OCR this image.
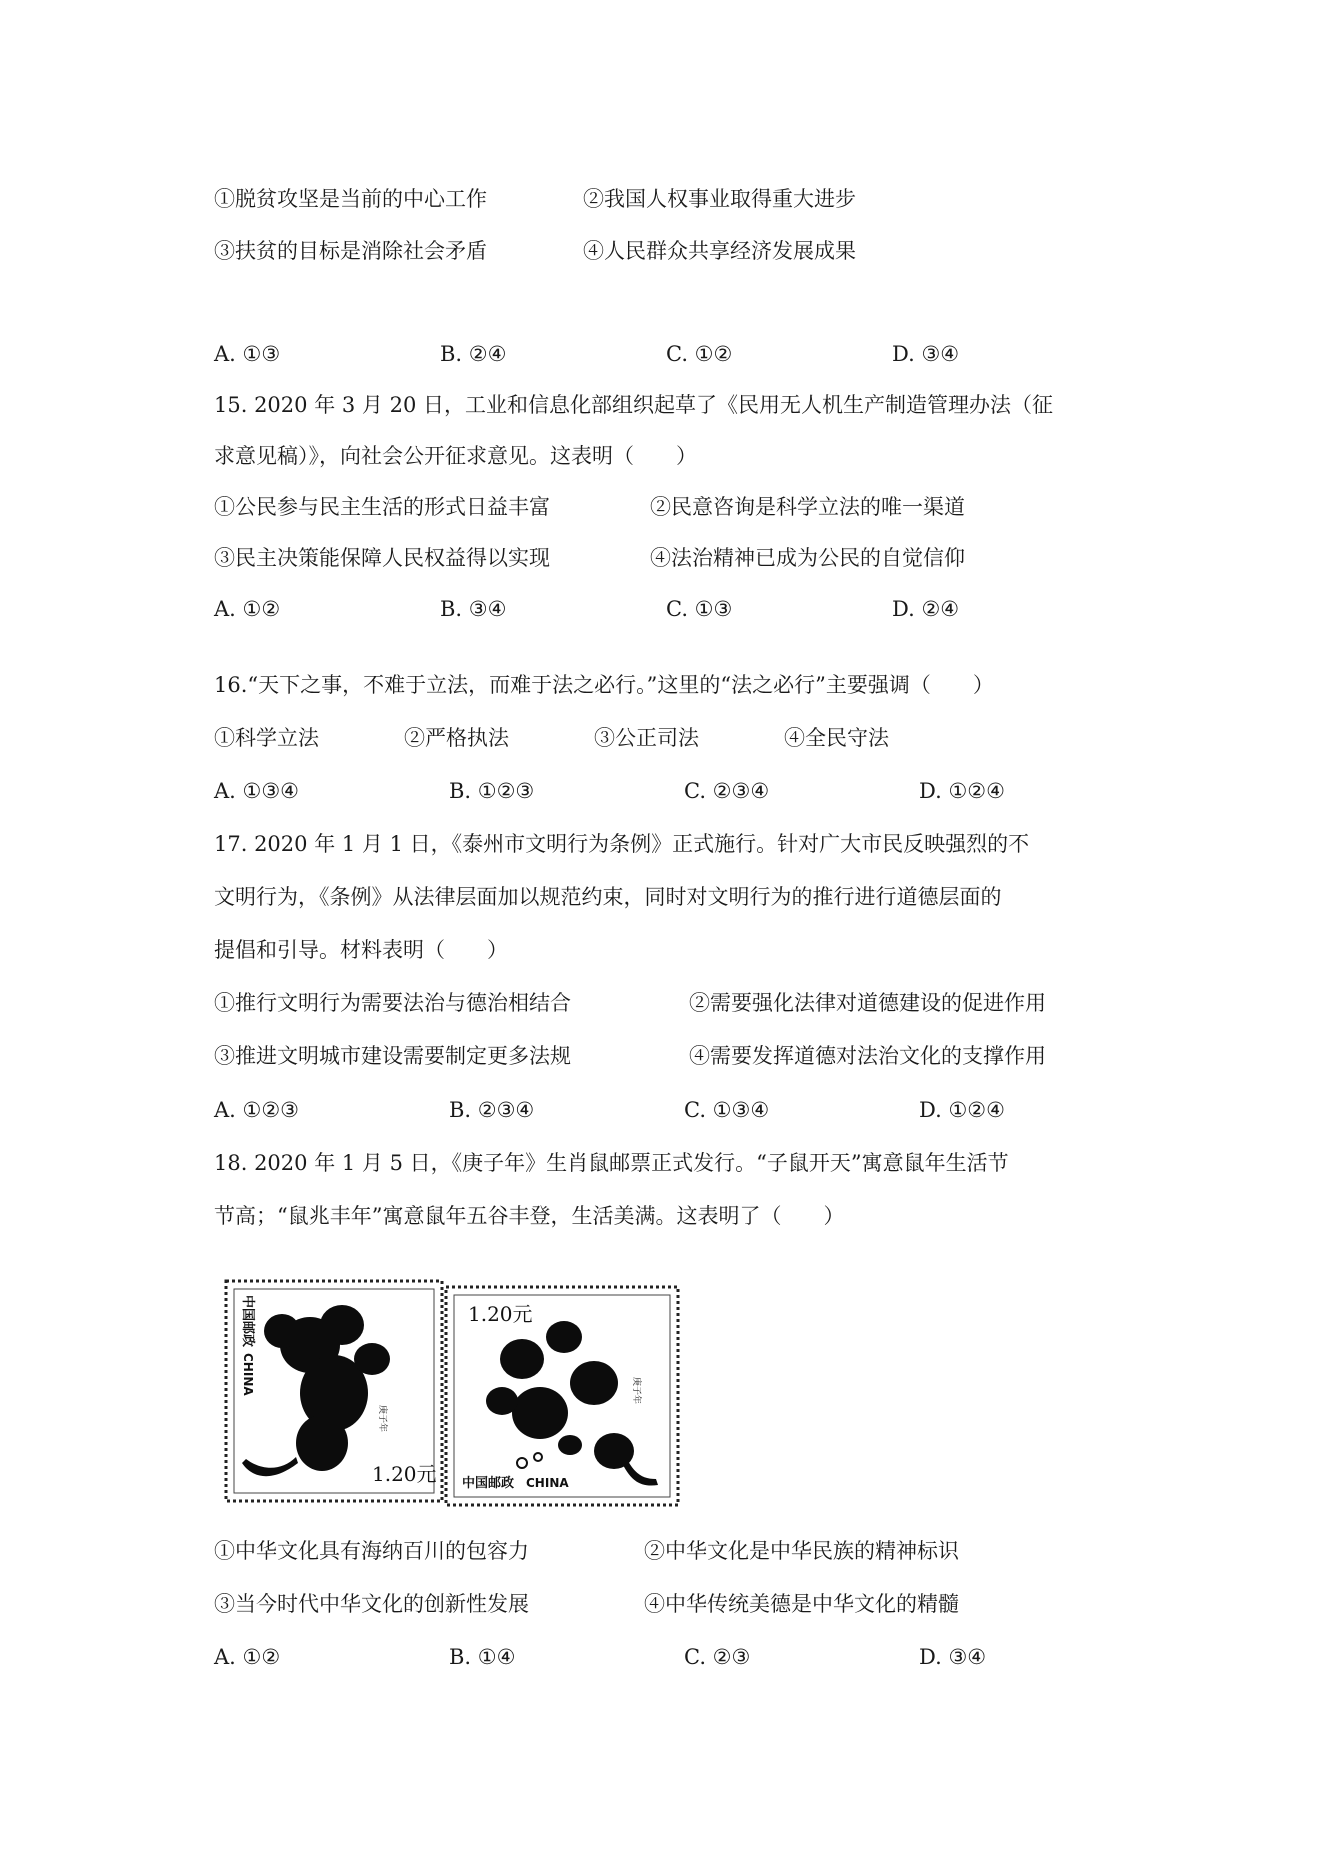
①脱贫攻坚是当前的中心工作	②我国人权事业取得重大进步
③扶贫的目标是消除社会矛盾	④人民群众共享经济发展成果
A. ①③	B. ②④	C. ①②	D. ③④
15. 2020 年 3 月 20 日，工业和信息化部组织起草了《民用无人机生产制造管理办法（征
求意见稿）》，向社会公开征求意见。这表明（　　）
①公民参与民主生活的形式日益丰富	②民意咨询是科学立法的唯一渠道
③民主决策能保障人民权益得以实现	④法治精神已成为公民的自觉信仰
A. ①②	B. ③④	C. ①③	D. ②④
16.“天下之事，不难于立法，而难于法之必行。”这里的“法之必行”主要强调（　　）
①科学立法	②严格执法	③公正司法	④全民守法
A. ①③④	B. ①②③	C. ②③④	D. ①②④
17. 2020 年 1 月 1 日，《泰州市文明行为条例》正式施行。针对广大市民反映强烈的不
文明行为，《条例》从法律层面加以规范约束，同时对文明行为的推行进行道德层面的
提倡和引导。材料表明（　　）
①推行文明行为需要法治与德治相结合	②需要强化法律对道德建设的促进作用
③推进文明城市建设需要制定更多法规	④需要发挥道德对法治文化的支撑作用
A. ①②③	B. ②③④	C. ①③④	D. ①②④
18. 2020 年 1 月 5 日，《庚子年》生肖鼠邮票正式发行。“子鼠开天”寓意鼠年生活节
节高；“鼠兆丰年”寓意鼠年五谷丰登，生活美满。这表明了（　　）
中国邮政
CHINA
庚子年
1.20元
1.20元
庚子年
中国邮政 CHINA
①中华文化具有海纳百川的包容力	②中华文化是中华民族的精神标识
③当今时代中华文化的创新性发展	④中华传统美德是中华文化的精髓
A. ①②	B. ①④	C. ②③	D. ③④
